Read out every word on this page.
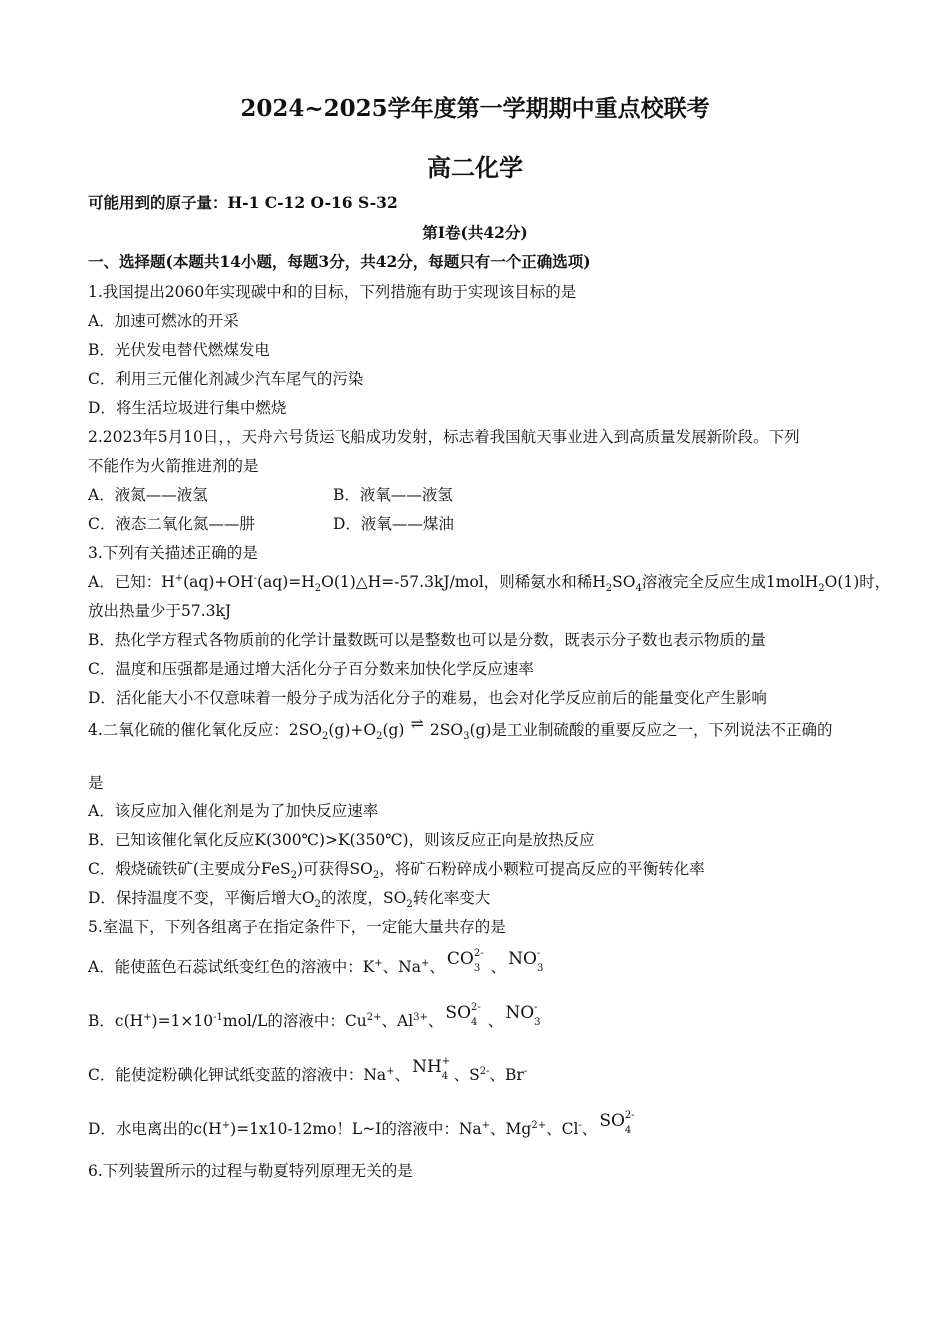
2024~2025学年度第一学期期中重点校联考
高二化学
可能用到的原子量：H-1 C-12 O-16 S-32
第Ⅰ卷(共42分)
一、选择题(本题共14小题，每题3分，共42分，每题只有一个正确选项)
1.我国提出2060年实现碳中和的目标，下列措施有助于实现该目标的是
A．加速可燃冰的开采
B．光伏发电替代燃煤发电
C．利用三元催化剂减少汽车尾气的污染
D．将生活垃圾进行集中燃烧
2.2023年5月10日，，天舟六号货运飞船成功发射，标志着我国航天事业进入到高质量发展新阶段。下列
不能作为火箭推进剂的是
A．液氮——液氢	B．液氧——液氢
C．液态二氧化氮——肼	D．液氧——煤油
3.下列有关描述正确的是
A．已知：$H^+(aq)+OH^-(aq)=H_2O(1)\triangle H=-57.3kJ$/mol，则稀氨水和稀$H_2SO_4$溶液完全反应生成1molH$_2$O(1)时，
放出热量少于57.3kJ
B．热化学方程式各物质前的化学计量数既可以是整数也可以是分数，既表示分子数也表示物质的量
C．温度和压强都是通过增大活化分子百分数来加快化学反应速率
D．活化能大小不仅意味着一般分子成为活化分子的难易，也会对化学反应前后的能量变化产生影响
4.二氧化硫的催化氧化反应：$2SO_2(g)+O_2(g)$ ⇌ $2SO_3(g)$是工业制硫酸的重要反应之一，下列说法不正确的
是
A．该反应加入催化剂是为了加快反应速率
B．已知该催化氧化反应K(300℃)>K(350℃)，则该反应正向是放热反应
C．煅烧硫铁矿(主要成分FeS$_2$)可获得$SO_2$，将矿石粉碎成小颗粒可提高反应的平衡转化率
D．保持温度不变，平衡后增大$O_2$的浓度，$SO_2$转化率变大
5.室温下，下列各组离子在指定条件下，一定能大量共存的是
A．能使蓝色石蕊试纸变红色的溶液中：K+、Na+、 CO 2-
3 、 NO -
3
B．$c(H^+)=1\times 10^{-1}mol/L$的溶液中：$Cu^{2+}$、$Al^{3+}$、 SO 2-
4 、 NO -
3
C．能使淀粉碘化钾试纸变蓝的溶液中：Na+、 NH +
4 、$S^{2-}$、Br-
D．水电离出的c(H+)=1x10-12mo！L~I的溶液中：Na+、$Mg^{2+}$、Cl-、 SO 2-
4
6.下列装置所示的过程与勒夏特列原理无关的是
